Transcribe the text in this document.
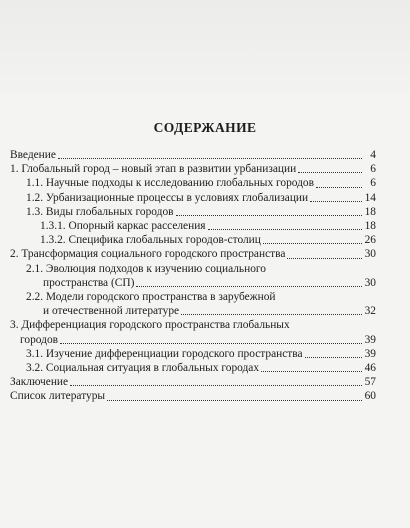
СОДЕРЖАНИЕ
Введение	4
1. Глобальный город – новый этап в развитии урбанизации	6
1.1. Научные подходы к исследованию глобальных городов	6
1.2. Урбанизационные процессы в условиях глобализации	14
1.3. Виды глобальных городов	18
1.3.1. Опорный каркас расселения	18
1.3.2. Специфика глобальных городов-столиц	26
2. Трансформация социального городского пространства	30
2.1. Эволюция подходов к изучению социального
пространства (СП)	30
2.2. Модели городского пространства в зарубежной
и отечественной литературе	32
3. Дифференциация городского пространства глобальных
городов	39
3.1. Изучение дифференциации городского пространства	39
3.2. Социальная ситуация в глобальных городах	46
Заключение	57
Список литературы	60
